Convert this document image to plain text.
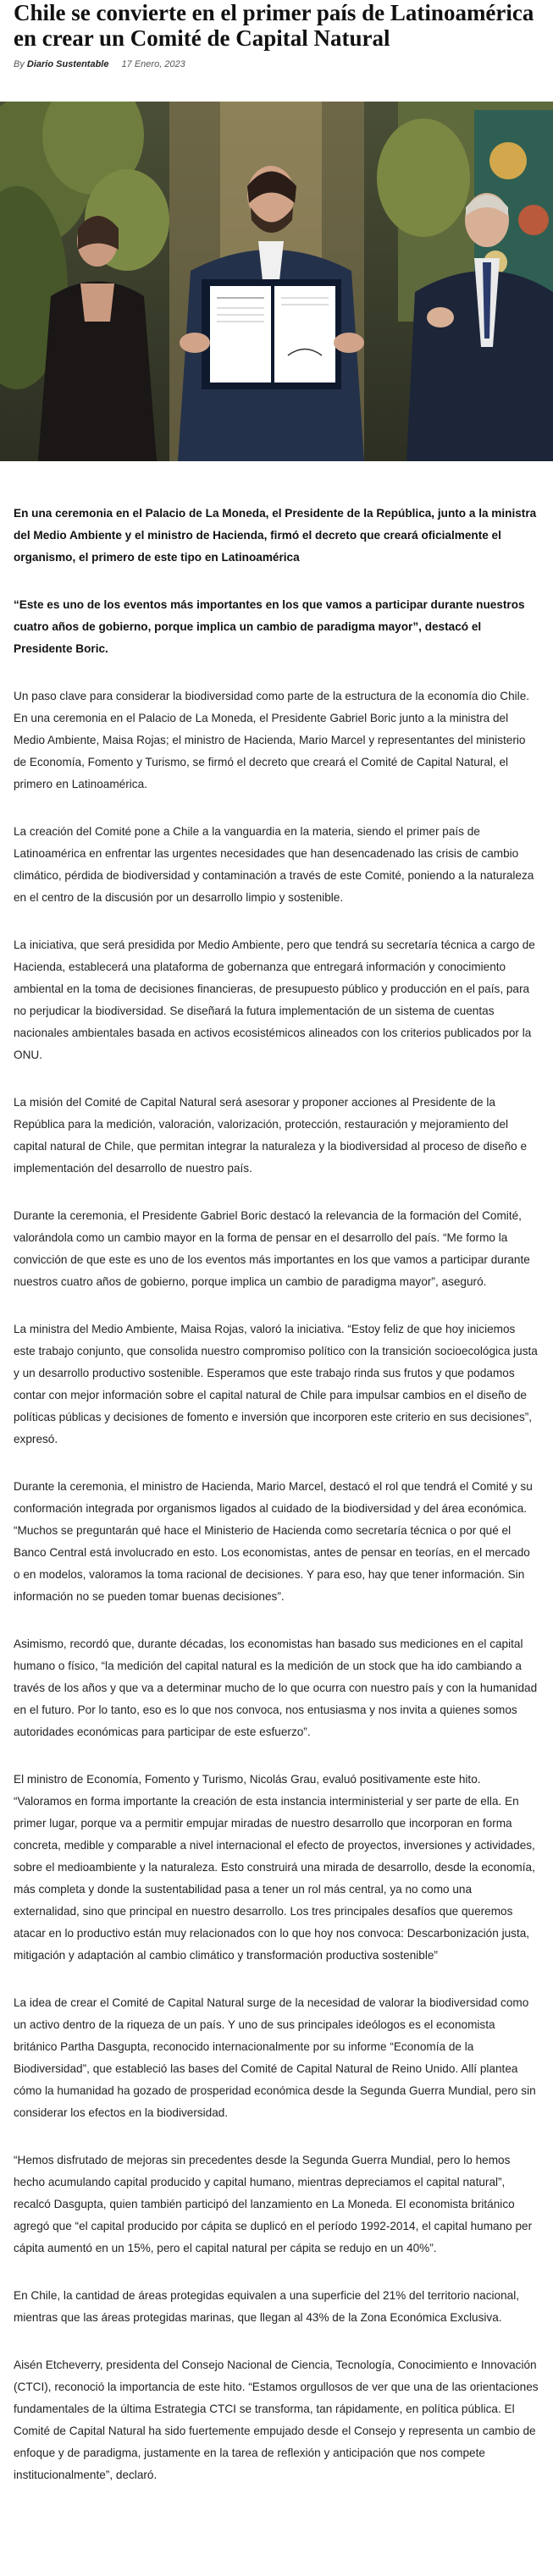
Chile se convierte en el primer país de Latinoamérica en crear un Comité de Capital Natural
By Diario Sustentable 17 Enero, 2023

En una ceremonia en el Palacio de La Moneda, el Presidente de la República, junto a la ministra del Medio Ambiente y el ministro de Hacienda, firmó el decreto que creará oficialmente el organismo, el primero de este tipo en Latinoamérica

“Este es uno de los eventos más importantes en los que vamos a participar durante nuestros cuatro años de gobierno, porque implica un cambio de paradigma mayor”, destacó el Presidente Boric.

Un paso clave para considerar la biodiversidad como parte de la estructura de la economía dio Chile. En una ceremonia en el Palacio de La Moneda, el Presidente Gabriel Boric junto a la ministra del Medio Ambiente, Maisa Rojas; el ministro de Hacienda, Mario Marcel y representantes del ministerio de Economía, Fomento y Turismo, se firmó el decreto que creará el Comité de Capital Natural, el primero en Latinoamérica.

La creación del Comité pone a Chile a la vanguardia en la materia, siendo el primer país de Latinoamérica en enfrentar las urgentes necesidades que han desencadenado las crisis de cambio climático, pérdida de biodiversidad y contaminación a través de este Comité, poniendo a la naturaleza en el centro de la discusión por un desarrollo limpio y sostenible.

La iniciativa, que será presidida por Medio Ambiente, pero que tendrá su secretaría técnica a cargo de Hacienda, establecerá una plataforma de gobernanza que entregará información y conocimiento ambiental en la toma de decisiones financieras, de presupuesto público y producción en el país, para no perjudicar la biodiversidad. Se diseñará la futura implementación de un sistema de cuentas nacionales ambientales basada en activos ecosistémicos alineados con los criterios publicados por la ONU.

La misión del Comité de Capital Natural será asesorar y proponer acciones al Presidente de la República para la medición, valoración, valorización, protección, restauración y mejoramiento del capital natural de Chile, que permitan integrar la naturaleza y la biodiversidad al proceso de diseño e implementación del desarrollo de nuestro país.

Durante la ceremonia, el Presidente Gabriel Boric destacó la relevancia de la formación del Comité, valorándola como un cambio mayor en la forma de pensar en el desarrollo del país. “Me formo la convicción de que este es uno de los eventos más importantes en los que vamos a participar durante nuestros cuatro años de gobierno, porque implica un cambio de paradigma mayor”, aseguró.

La ministra del Medio Ambiente, Maisa Rojas, valoró la iniciativa. “Estoy feliz de que hoy iniciemos este trabajo conjunto, que consolida nuestro compromiso político con la transición socioecológica justa y un desarrollo productivo sostenible. Esperamos que este trabajo rinda sus frutos y que podamos contar con mejor información sobre el capital natural de Chile para impulsar cambios en el diseño de políticas públicas y decisiones de fomento e inversión que incorporen este criterio en sus decisiones”, expresó.

Durante la ceremonia, el ministro de Hacienda, Mario Marcel, destacó el rol que tendrá el Comité y su conformación integrada por organismos ligados al cuidado de la biodiversidad y del área económica. “Muchos se preguntarán qué hace el Ministerio de Hacienda como secretaría técnica o por qué el Banco Central está involucrado en esto. Los economistas, antes de pensar en teorías, en el mercado o en modelos, valoramos la toma racional de decisiones. Y para eso, hay que tener información. Sin información no se pueden tomar buenas decisiones”.

Asimismo, recordó que, durante décadas, los economistas han basado sus mediciones en el capital humano o físico, “la medición del capital natural es la medición de un stock que ha ido cambiando a través de los años y que va a determinar mucho de lo que ocurra con nuestro país y con la humanidad en el futuro. Por lo tanto, eso es lo que nos convoca, nos entusiasma y nos invita a quienes somos autoridades económicas para participar de este esfuerzo”.

El ministro de Economía, Fomento y Turismo, Nicolás Grau, evaluó positivamente este hito. “Valoramos en forma importante la creación de esta instancia interministerial y ser parte de ella. En primer lugar, porque va a permitir empujar miradas de nuestro desarrollo que incorporan en forma concreta, medible y comparable a nivel internacional el efecto de proyectos, inversiones y actividades, sobre el medioambiente y la naturaleza. Esto construirá una mirada de desarrollo, desde la economía, más completa y donde la sustentabilidad pasa a tener un rol más central, ya no como una externalidad, sino que principal en nuestro desarrollo. Los tres principales desafíos que queremos atacar en lo productivo están muy relacionados con lo que hoy nos convoca: Descarbonización justa, mitigación y adaptación al cambio climático y transformación productiva sostenible”

La idea de crear el Comité de Capital Natural surge de la necesidad de valorar la biodiversidad como un activo dentro de la riqueza de un país. Y uno de sus principales ideólogos es el economista británico Partha Dasgupta, reconocido internacionalmente por su informe “Economía de la Biodiversidad”, que estableció las bases del Comité de Capital Natural de Reino Unido. Allí plantea cómo la humanidad ha gozado de prosperidad económica desde la Segunda Guerra Mundial, pero sin considerar los efectos en la biodiversidad.

“Hemos disfrutado de mejoras sin precedentes desde la Segunda Guerra Mundial, pero lo hemos hecho acumulando capital producido y capital humano, mientras depreciamos el capital natural”, recalcó Dasgupta, quien también participó del lanzamiento en La Moneda. El economista británico agregó que “el capital producido por cápita se duplicó en el período 1992-2014, el capital humano per cápita aumentó en un 15%, pero el capital natural per cápita se redujo en un 40%”.

En Chile, la cantidad de áreas protegidas equivalen a una superficie del 21% del territorio nacional, mientras que las áreas protegidas marinas, que llegan al 43% de la Zona Económica Exclusiva.

Aisén Etcheverry, presidenta del Consejo Nacional de Ciencia, Tecnología, Conocimiento e Innovación (CTCI), reconoció la importancia de este hito. “Estamos orgullosos de ver que una de las orientaciones fundamentales de la última Estrategia CTCI se transforma, tan rápidamente, en política pública. El Comité de Capital Natural ha sido fuertemente empujado desde el Consejo y representa un cambio de enfoque y de paradigma, justamente en la tarea de reflexión y anticipación que nos compete institucionalmente”, declaró.
